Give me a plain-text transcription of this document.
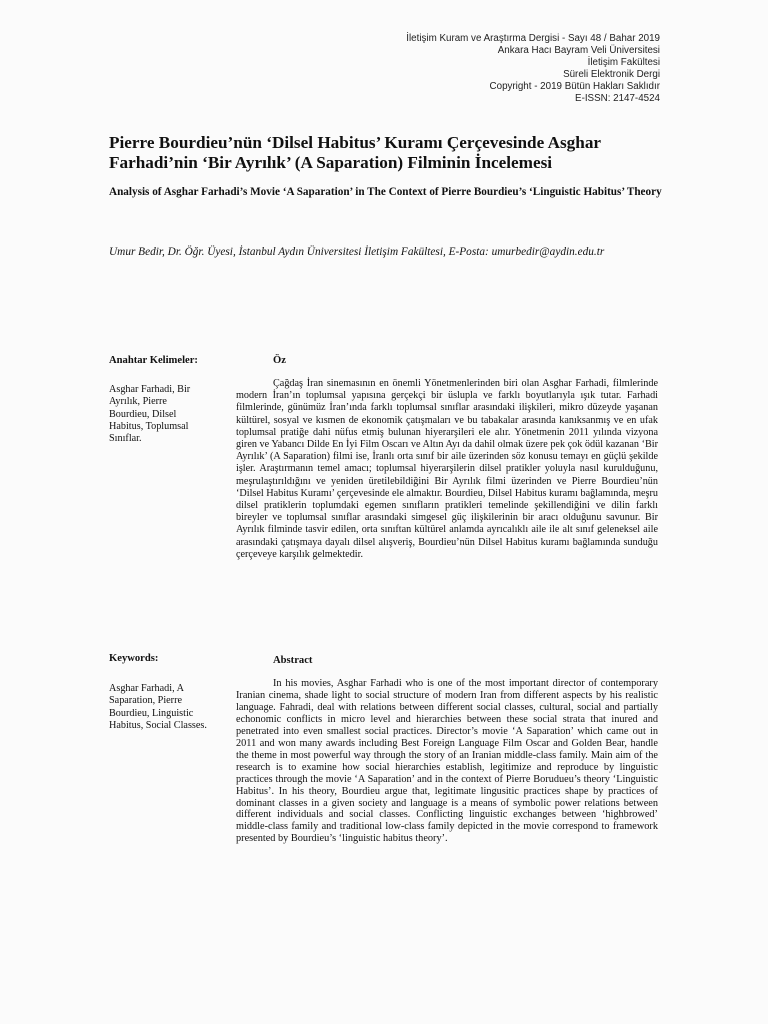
İletişim Kuram ve Araştırma Dergisi - Sayı 48 / Bahar 2019
Ankara Hacı Bayram Veli Üniversitesi
İletişim Fakültesi
Süreli Elektronik Dergi
Copyright - 2019 Bütün Hakları Saklıdır
E-ISSN: 2147-4524
Pierre Bourdieu’nün ‘Dilsel Habitus’ Kuramı Çerçevesinde Asghar Farhadi’nin ‘Bir Ayrılık’ (A Saparation) Filminin İncelemesi
Analysis of Asghar Farhadi’s Movie ‘A Saparation’ in The Context of Pierre Bourdieu’s ‘Linguistic Habitus’ Theory

Umur Bedir, Dr. Öğr. Üyesi, İstanbul Aydın Üniversitesi İletişim Fakültesi, E-Posta: umurbedir@aydin.edu.tr

Anahtar Kelimeler:
Asghar Farhadi, Bir Ayrılık, Pierre Bourdieu, Dilsel Habitus, Toplumsal Sınıflar.
Öz

Çağdaş İran sinemasının en önemli Yönetmenlerinden biri olan Asghar Farhadi, filmlerinde modern İran’ın toplumsal yapısına gerçekçi bir üslupla ve farklı boyutlarıyla ışık tutar. Farhadi filmlerinde, günümüz İran’ında farklı toplumsal sınıflar arasındaki ilişkileri, mikro düzeyde yaşanan kültürel, sosyal ve kısmen de ekonomik çatışmaları ve bu tabakalar arasında kanıksanmış ve en ufak toplumsal pratiğe dahi nüfus etmiş bulunan hiyerarşileri ele alır. Yönetmenin 2011 yılında vizyona giren ve Yabancı Dilde En İyi Film Oscarı ve Altın Ayı da dahil olmak üzere pek çok ödül kazanan ‘Bir Ayrılık’ (A Saparation) filmi ise, İranlı orta sınıf bir aile üzerinden söz konusu temayı en güçlü şekilde işler. Araştırmanın temel amacı; toplumsal hiyerarşilerin dilsel pratikler yoluyla nasıl kurulduğunu, meşrulaştırıldığını ve yeniden üretilebildiğini Bir Ayrılık filmi üzerinden ve Pierre Bourdieu’nün ‘Dilsel Habitus Kuramı’ çerçevesinde ele almaktır. Bourdieu, Dilsel Habitus kuramı bağlamında, meşru dilsel pratiklerin toplumdaki egemen sınıfların pratikleri temelinde şekillendiğini ve dilin farklı bireyler ve toplumsal sınıflar arasındaki simgesel güç ilişkilerinin bir aracı olduğunu savunur. Bir Ayrılık filminde tasvir edilen, orta sınıftan kültürel anlamda ayrıcalıklı aile ile alt sınıf geleneksel aile arasındaki çatışmaya dayalı dilsel alışveriş, Bourdieu’nün Dilsel Habitus kuramı bağlamında sunduğu çerçeveye karşılık gelmektedir.

Keywords:
Asghar Farhadi, A Saparation, Pierre Bourdieu, Linguistic Habitus, Social Classes.
Abstract

In his movies, Asghar Farhadi who is one of the most important director of contemporary Iranian cinema, shade light to social structure of modern Iran from different aspects by his realistic language. Fahradi, deal with relations between different social classes, cultural, social and partially echonomic conflicts in micro level and hierarchies between these social strata that inured and penetrated into even smallest social practices. Director’s movie ‘A Saparation’ which came out in 2011 and won many awards including Best Foreign Language Film Oscar and Golden Bear, handle the theme in most powerful way through the story of an Iranian middle-class family. Main aim of the research is to examine how social hierarchies establish, legitimize and reproduce by linguistic practices through the movie ‘A Saparation’ and in the context of Pierre Boruduеu’s theory ‘Linguistic Habitus’. In his theory, Bourdieu argue that, legitimate lingusitic practices shape by practices of dominant classes in a given society and language is a means of symbolic power relations between different individuals and social classes. Conflicting linguistic exchanges between ‘highbrowed’ middle-class family and traditional low-class family depicted in the movie correspond to framework presented by Bourdieu’s ‘linguistic habitus theory’.
